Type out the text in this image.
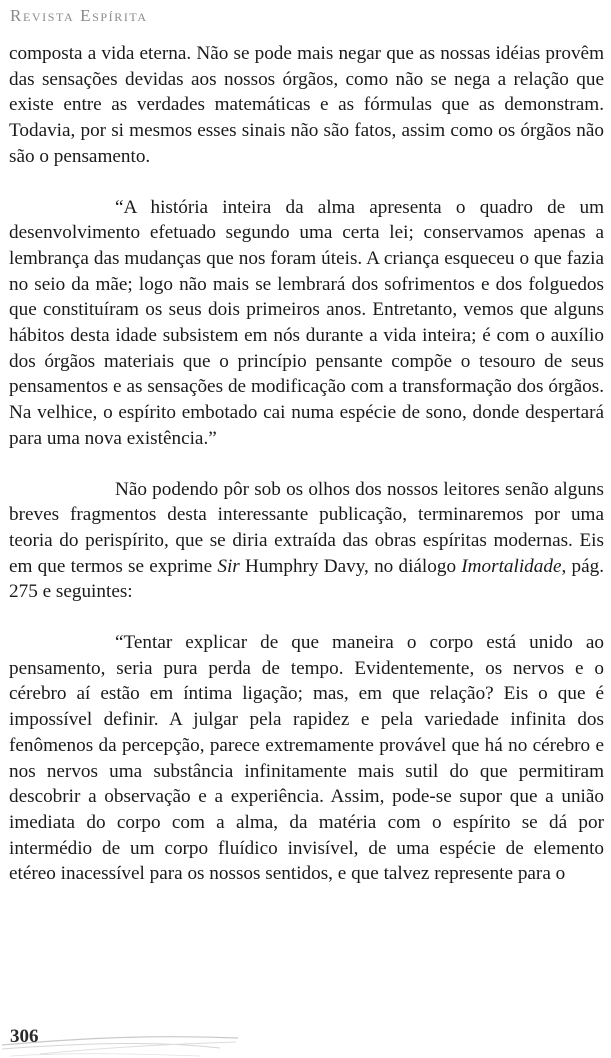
Revista Espírita

composta a vida eterna. Não se pode mais negar que as nossas idéias provêm das sensações devidas aos nossos órgãos, como não se nega a relação que existe entre as verdades matemáticas e as fórmulas que as demonstram. Todavia, por si mesmos esses sinais não são fatos, assim como os órgãos não são o pensamento.

“A história inteira da alma apresenta o quadro de um desenvolvimento efetuado segundo uma certa lei; conservamos apenas a lembrança das mudanças que nos foram úteis. A criança esqueceu o que fazia no seio da mãe; logo não mais se lembrará dos sofrimentos e dos folguedos que constituíram os seus dois primeiros anos. Entretanto, vemos que alguns hábitos desta idade subsistem em nós durante a vida inteira; é com o auxílio dos órgãos materiais que o princípio pensante compõe o tesouro de seus pensamentos e as sensações de modificação com a transformação dos órgãos. Na velhice, o espírito embotado cai numa espécie de sono, donde despertará para uma nova existência.”

Não podendo pôr sob os olhos dos nossos leitores senão alguns breves fragmentos desta interessante publicação, terminaremos por uma teoria do perispírito, que se diria extraída das obras espíritas modernas. Eis em que termos se exprime Sir Humphry Davy, no diálogo Imortalidade, pág. 275 e seguintes:

“Tentar explicar de que maneira o corpo está unido ao pensamento, seria pura perda de tempo. Evidentemente, os nervos e o cérebro aí estão em íntima ligação; mas, em que relação? Eis o que é impossível definir. A julgar pela rapidez e pela variedade infinita dos fenômenos da percepção, parece extremamente provável que há no cérebro e nos nervos uma substância infinitamente mais sutil do que permitiram descobrir a observação e a experiência. Assim, pode-se supor que a união imediata do corpo com a alma, da matéria com o espírito se dá por intermédio de um corpo fluídico invisível, de uma espécie de elemento etéreo inacessível para os nossos sentidos, e que talvez represente para o

306
